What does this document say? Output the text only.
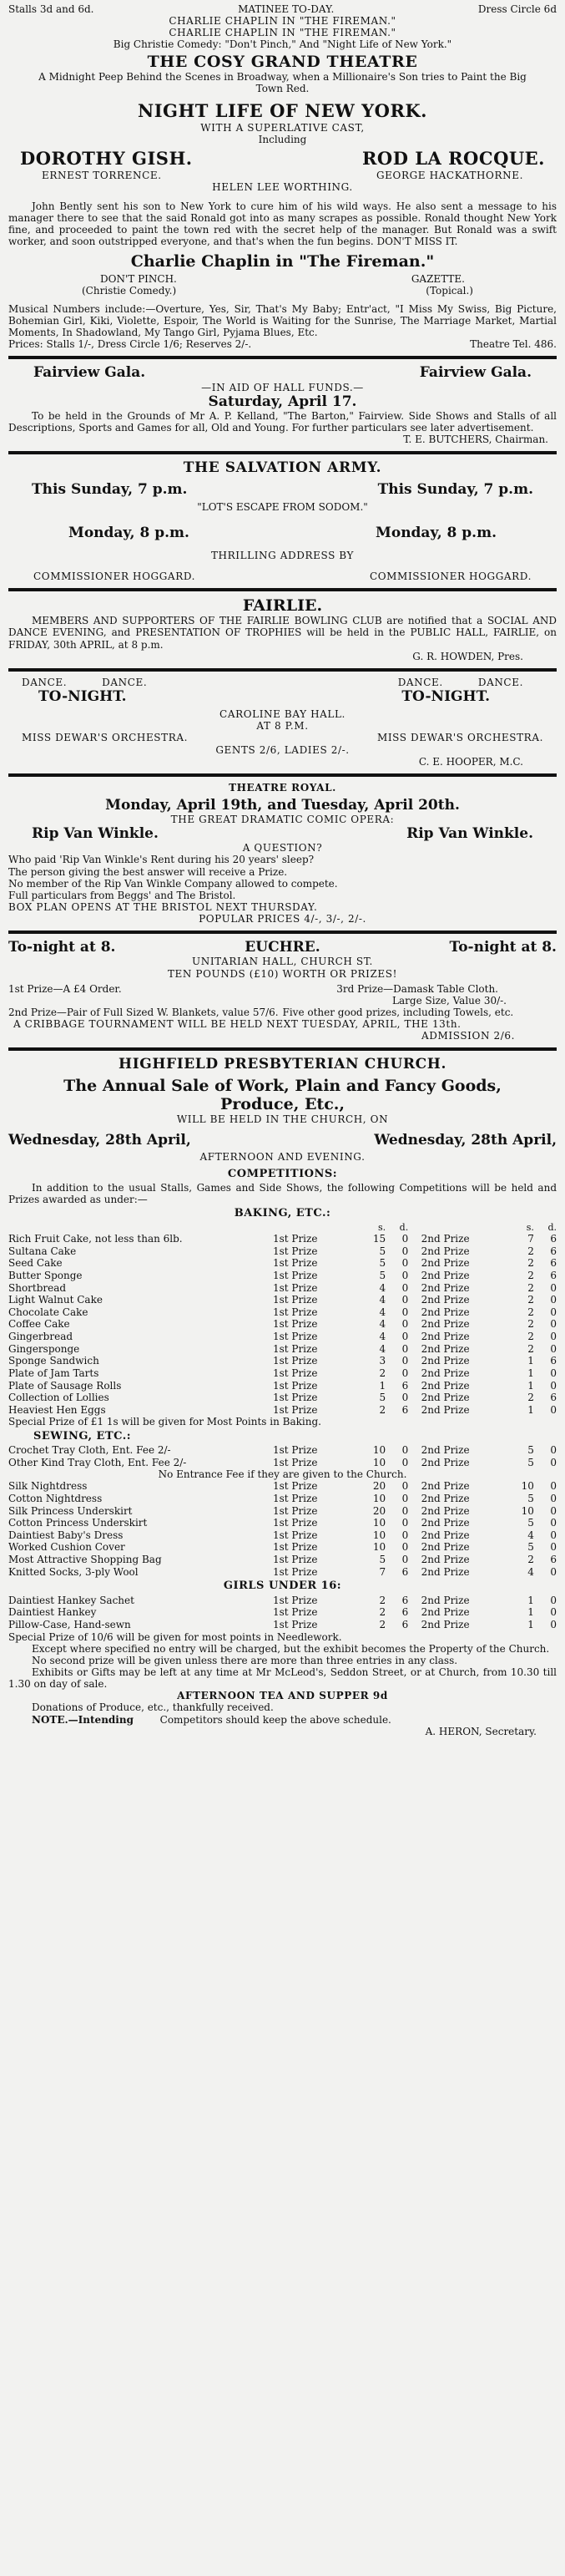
Stalls 3d and 6d.	MATINEE TO-DAY.	Dress Circle 6d
CHARLIE CHAPLIN IN "THE FIREMAN."
CHARLIE CHAPLIN IN "THE FIREMAN."
Big Christie Comedy: "Don't Pinch," And "Night Life of New York."
THE COSY GRAND THEATRE
A Midnight Peep Behind the Scenes in Broadway, when a Millionaire's Son tries to Paint the Big Town Red.
NIGHT LIFE OF NEW YORK.
WITH A SUPERLATIVE CAST,
Including
DOROTHY GISH.	ROD LA ROCQUE.
ERNEST TORRENCE.	GEORGE HACKATHORNE.
HELEN LEE WORTHING.
John Bently sent his son to New York to cure him of his wild ways. He also sent a message to his manager there to see that the said Ronald got into as many scrapes as possible. Ronald thought New York fine, and proceeded to paint the town red with the secret help of the manager. But Ronald was a swift worker, and soon outstripped everyone, and that's when the fun begins. DON'T MISS IT.
Charlie Chaplin in "The Fireman."
DON'T PINCH.	GAZETTE.
(Christie Comedy.)	(Topical.)
Musical Numbers include:—Overture, Yes, Sir, That's My Baby; Entr'act, "I Miss My Swiss, Big Picture, Bohemian Girl, Kiki, Violette, Espoir, The World is Waiting for the Sunrise, The Marriage Market, Martial Moments, In Shadowland, My Tango Girl, Pyjama Blues, Etc.
Prices: Stalls 1/-, Dress Circle 1/6; Reserves 2/-.	Theatre Tel. 486.
Fairview Gala.	Fairview Gala.
—IN AID OF HALL FUNDS.—
Saturday, April 17.
To be held in the Grounds of Mr A. P. Kelland, "The Barton," Fairview. Side Shows and Stalls of all Descriptions, Sports and Games for all, Old and Young. For further particulars see later advertisement.
T. E. BUTCHERS, Chairman.
THE SALVATION ARMY.
This Sunday, 7 p.m.	This Sunday, 7 p.m.
"LOT'S ESCAPE FROM SODOM."
Monday, 8 p.m.	Monday, 8 p.m.
THRILLING ADDRESS BY
COMMISSIONER HOGGARD.	COMMISSIONER HOGGARD.
FAIRLIE.
MEMBERS AND SUPPORTERS OF THE FAIRLIE BOWLING CLUB are notified that a SOCIAL AND DANCE EVENING, and PRESENTATION OF TROPHIES will be held in the PUBLIC HALL, FAIRLIE, on FRIDAY, 30th APRIL, at 8 p.m.
G. R. HOWDEN, Pres.
DANCE.	DANCE.	DANCE.	DANCE.
TO-NIGHT.	TO-NIGHT.
CAROLINE BAY HALL.
AT 8 P.M.
MISS DEWAR'S ORCHESTRA.	MISS DEWAR'S ORCHESTRA.
GENTS 2/6, LADIES 2/-.
C. E. HOOPER, M.C.
THEATRE ROYAL.
Monday, April 19th, and Tuesday, April 20th.
THE GREAT DRAMATIC COMIC OPERA:
Rip Van Winkle.	Rip Van Winkle.
A QUESTION?
Who paid 'Rip Van Winkle's Rent during his 20 years' sleep?
The person giving the best answer will receive a Prize.
No member of the Rip Van Winkle Company allowed to compete.
Full particulars from Beggs' and The Bristol.
BOX PLAN OPENS AT THE BRISTOL NEXT THURSDAY.
POPULAR PRICES 4/-, 3/-, 2/-.
To-night at 8.	EUCHRE.	To-night at 8.
UNITARIAN HALL, CHURCH ST.
TEN POUNDS (£10) WORTH OR PRIZES!
1st Prize—A £4 Order.	3rd Prize—Damask Table Cloth.
Large Size, Value 30/-.
2nd Prize—Pair of Full Sized W. Blankets, value 57/6. Five other good prizes, including Towels, etc.
A CRIBBAGE TOURNAMENT WILL BE HELD NEXT TUESDAY, APRIL, THE 13th.
ADMISSION 2/6.
HIGHFIELD PRESBYTERIAN CHURCH.
The Annual Sale of Work, Plain and Fancy Goods,
Produce, Etc.,
WILL BE HELD IN THE CHURCH, ON
Wednesday, 28th April,	Wednesday, 28th April,
AFTERNOON AND EVENING.
COMPETITIONS:
In addition to the usual Stalls, Games and Side Shows, the following Competitions will be held and Prizes awarded as under:—
BAKING, ETC.:
		s.	d.			s.	d.
Rich Fruit Cake, not less than 6lb.	1st Prize	15	0		2nd Prize	7	6
Sultana Cake	1st Prize	5	0		2nd Prize	2	6
Seed Cake	1st Prize	5	0		2nd Prize	2	6
Butter Sponge	1st Prize	5	0		2nd Prize	2	6
Shortbread	1st Prize	4	0		2nd Prize	2	0
Light Walnut Cake	1st Prize	4	0		2nd Prize	2	0
Chocolate Cake	1st Prize	4	0		2nd Prize	2	0
Coffee Cake	1st Prize	4	0		2nd Prize	2	0
Gingerbread	1st Prize	4	0		2nd Prize	2	0
Gingersponge	1st Prize	4	0		2nd Prize	2	0
Sponge Sandwich	1st Prize	3	0		2nd Prize	1	6
Plate of Jam Tarts	1st Prize	2	0		2nd Prize	1	0
Plate of Sausage Rolls	1st Prize	1	6		2nd Prize	1	0
Collection of Lollies	1st Prize	5	0		2nd Prize	2	6
Heaviest Hen Eggs	1st Prize	2	6		2nd Prize	1	0
Special Prize of £1 1s will be given for Most Points in Baking.
SEWING, ETC.:
Crochet Tray Cloth, Ent. Fee 2/-	1st Prize	10	0		2nd Prize	5	0
Other Kind Tray Cloth, Ent. Fee 2/-	1st Prize	10	0		2nd Prize	5	0
No Entrance Fee if they are given to the Church.
Silk Nightdress	1st Prize	20	0		2nd Prize	10	0
Cotton Nightdress	1st Prize	10	0		2nd Prize	5	0
Silk Princess Underskirt	1st Prize	20	0		2nd Prize	10	0
Cotton Princess Underskirt	1st Prize	10	0		2nd Prize	5	0
Daintiest Baby's Dress	1st Prize	10	0		2nd Prize	4	0
Worked Cushion Cover	1st Prize	10	0		2nd Prize	5	0
Most Attractive Shopping Bag	1st Prize	5	0		2nd Prize	2	6
Knitted Socks, 3-ply Wool	1st Prize	7	6		2nd Prize	4	0
GIRLS UNDER 16:
Daintiest Hankey Sachet	1st Prize	2	6		2nd Prize	1	0
Daintiest Hankey	1st Prize	2	6		2nd Prize	1	0
Pillow-Case, Hand-sewn	1st Prize	2	6		2nd Prize	1	0
Special Prize of 10/6 will be given for most points in Needlework.
Except where specified no entry will be charged, but the exhibit becomes the Property of the Church.
No second prize will be given unless there are more than three entries in any class.
Exhibits or Gifts may be left at any time at Mr McLeod's, Seddon Street, or at Church, from 10.30 till 1.30 on day of sale.
AFTERNOON TEA AND SUPPER 9d
Donations of Produce, etc., thankfully received.
NOTE.—Intending	Competitors should keep the above schedule.
A. HERON, Secretary.
